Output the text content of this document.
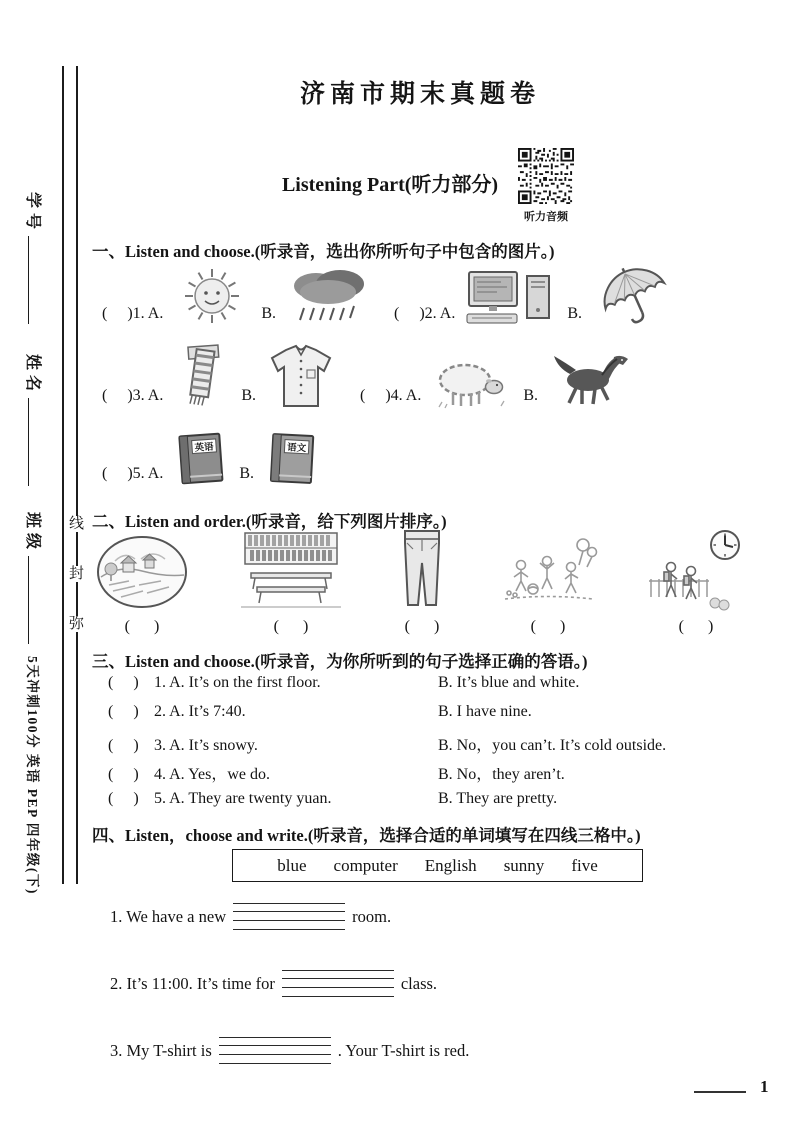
学号
姓名
班级
5天冲刺100分 英语 PEP 四年级(下)
线
封
弥
济南市期末真题卷
Listening Part(听力部分)
听力音频
一、Listen and choose.(听录音，选出你所听句子中包含的图片。)
(     )1. A.	B.	(     )2. A.	B.
(     )3. A.	B.	(     )4. A.	B.
(     )5. A.
英语
B.
语文
二、Listen and order.(听录音，给下列图片排序。)
(      )	(      )	(      )	(      )	(      )
三、Listen and choose.(听录音，为你所听到的句子选择正确的答语。)
(     ) 1. A. It’s on the first floor.	B. It’s blue and white.
(     ) 2. A. It’s 7:40.	B. I have nine.
(     ) 3. A. It’s snowy.	B. No，you can’t. It’s cold outside.
(     ) 4. A. Yes，we do.	B. No，they aren’t.
(     ) 5. A. They are twenty yuan.	B. They are pretty.
四、Listen，choose and write.(听录音，选择合适的单词填写在四线三格中。)
blue computer English sunny five
1. We have a new	room.
2. It’s 11:00. It’s time for	class.
3. My T-shirt is	. Your T-shirt is red.
1
